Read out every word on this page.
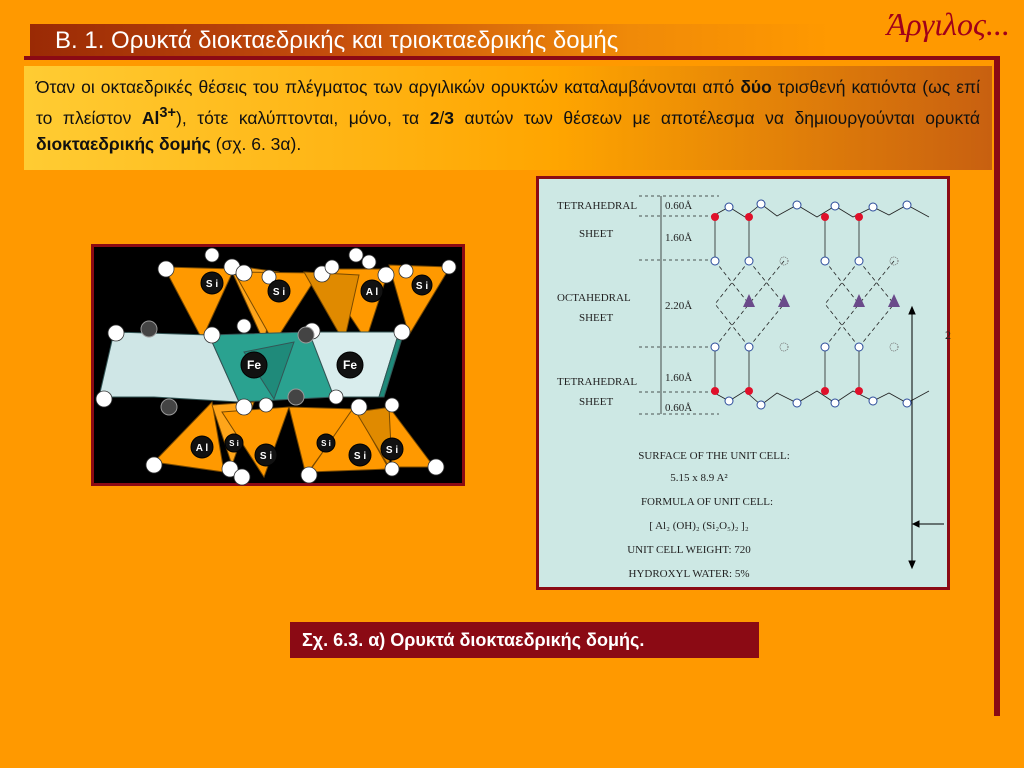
B. 1. Ορυκτά διοκταεδρικής και τριοκταεδρικής δομής	Άργιλος...
Όταν οι οκταεδρικές θέσεις του πλέγματος των αργιλικών ορυκτών καταλαμβάνονται από δύο τρισθενή κατιόντα (ως επί το πλείστον $Al^{3+}$), τότε καλύπτονται, μόνο, τα 2/3 αυτών των θέσεων με αποτέλεσμα να δημιουργούνται ορυκτά διοκταεδρικής δομής (σχ. 6. 3α).
S i
S i	A l
S i
Fe	Fe
A l	S i
S i
S i
S i
S i
TETRAHEDRAL
SHEET
OCTAHEDRAL
SHEET
TETRAHEDRAL
SHEET
0.60Å
1.60Å
2.20Å
1.60Å
0.60Å
2
SURFACE OF THE UNIT CELL:
5.15 x 8.9 A²
FORMULA OF UNIT CELL:
[ Al₂ (OH)₂ (Si₂O₅)₂ ]₂
UNIT CELL WEIGHT: 720
HYDROXYL WATER: 5%
Σχ. 6.3. α) Ορυκτά διοκταεδρικής δομής.
